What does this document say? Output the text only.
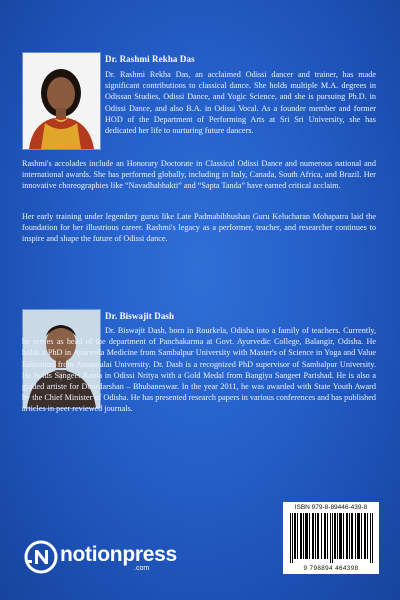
Dr. Rashmi Rekha Das
Dr. Rashmi Rekha Das, an acclaimed Odissi dancer and trainer, has made significant contributions to classical dance. She holds multiple M.A. degrees in Odissan Studies, Odissi Dance, and Yogic Science, and she is pursuing Ph.D. in Odissi Dance, and also B.A. in Odissi Vocal. As a founder member and former HOD of the Department of Performing Arts at Sri Sri University, she has dedicated her life to nurturing future dancers.
Rashmi's accolades include an Honorary Doctorate in Classical Odissi Dance and numerous national and international awards. She has performed globally, including in Italy, Canada, South Africa, and Brazil. Her innovative choreographies like “Navadhabhakti” and “Sapta Tanda” have earned critical acclaim.
Her early training under legendary gurus like Late Padmabibhushan Guru Kelucharan Mohapatra laid the foundation for her illustrious career. Rashmi's legacy as a performer, teacher, and researcher continues to inspire and shape the future of Odissi dance.
Dr. Biswajit Dash
Dr. Biswajit Dash, born in Rourkela, Odisha into a family of teachers. Currently, he serves as head of the department of Panchakarma at Govt. Ayurvedic College, Balangir, Odisha. He holds a PhD in Ayurveda Medicine from Sambalpur University with Master's of Science in Yoga and Value Education from Annamalai University. Dr. Dash is a recognized PhD supervisor of Sambalpur University. He holds Sangeet Ratna in Odissi Nritya with a Gold Medal from Bangiya Sangeet Parishad. He is also a graded artiste for Doordarshan – Bhubaneswar. In the year 2011, he was awarded with State Youth Award by the Chief Minister of Odisha. He has presented research papers in various conferences and has published articles in peer reviewed journals.
ISBN 979-8-89446-439-8
9 798894 464398
notionpress
.com
